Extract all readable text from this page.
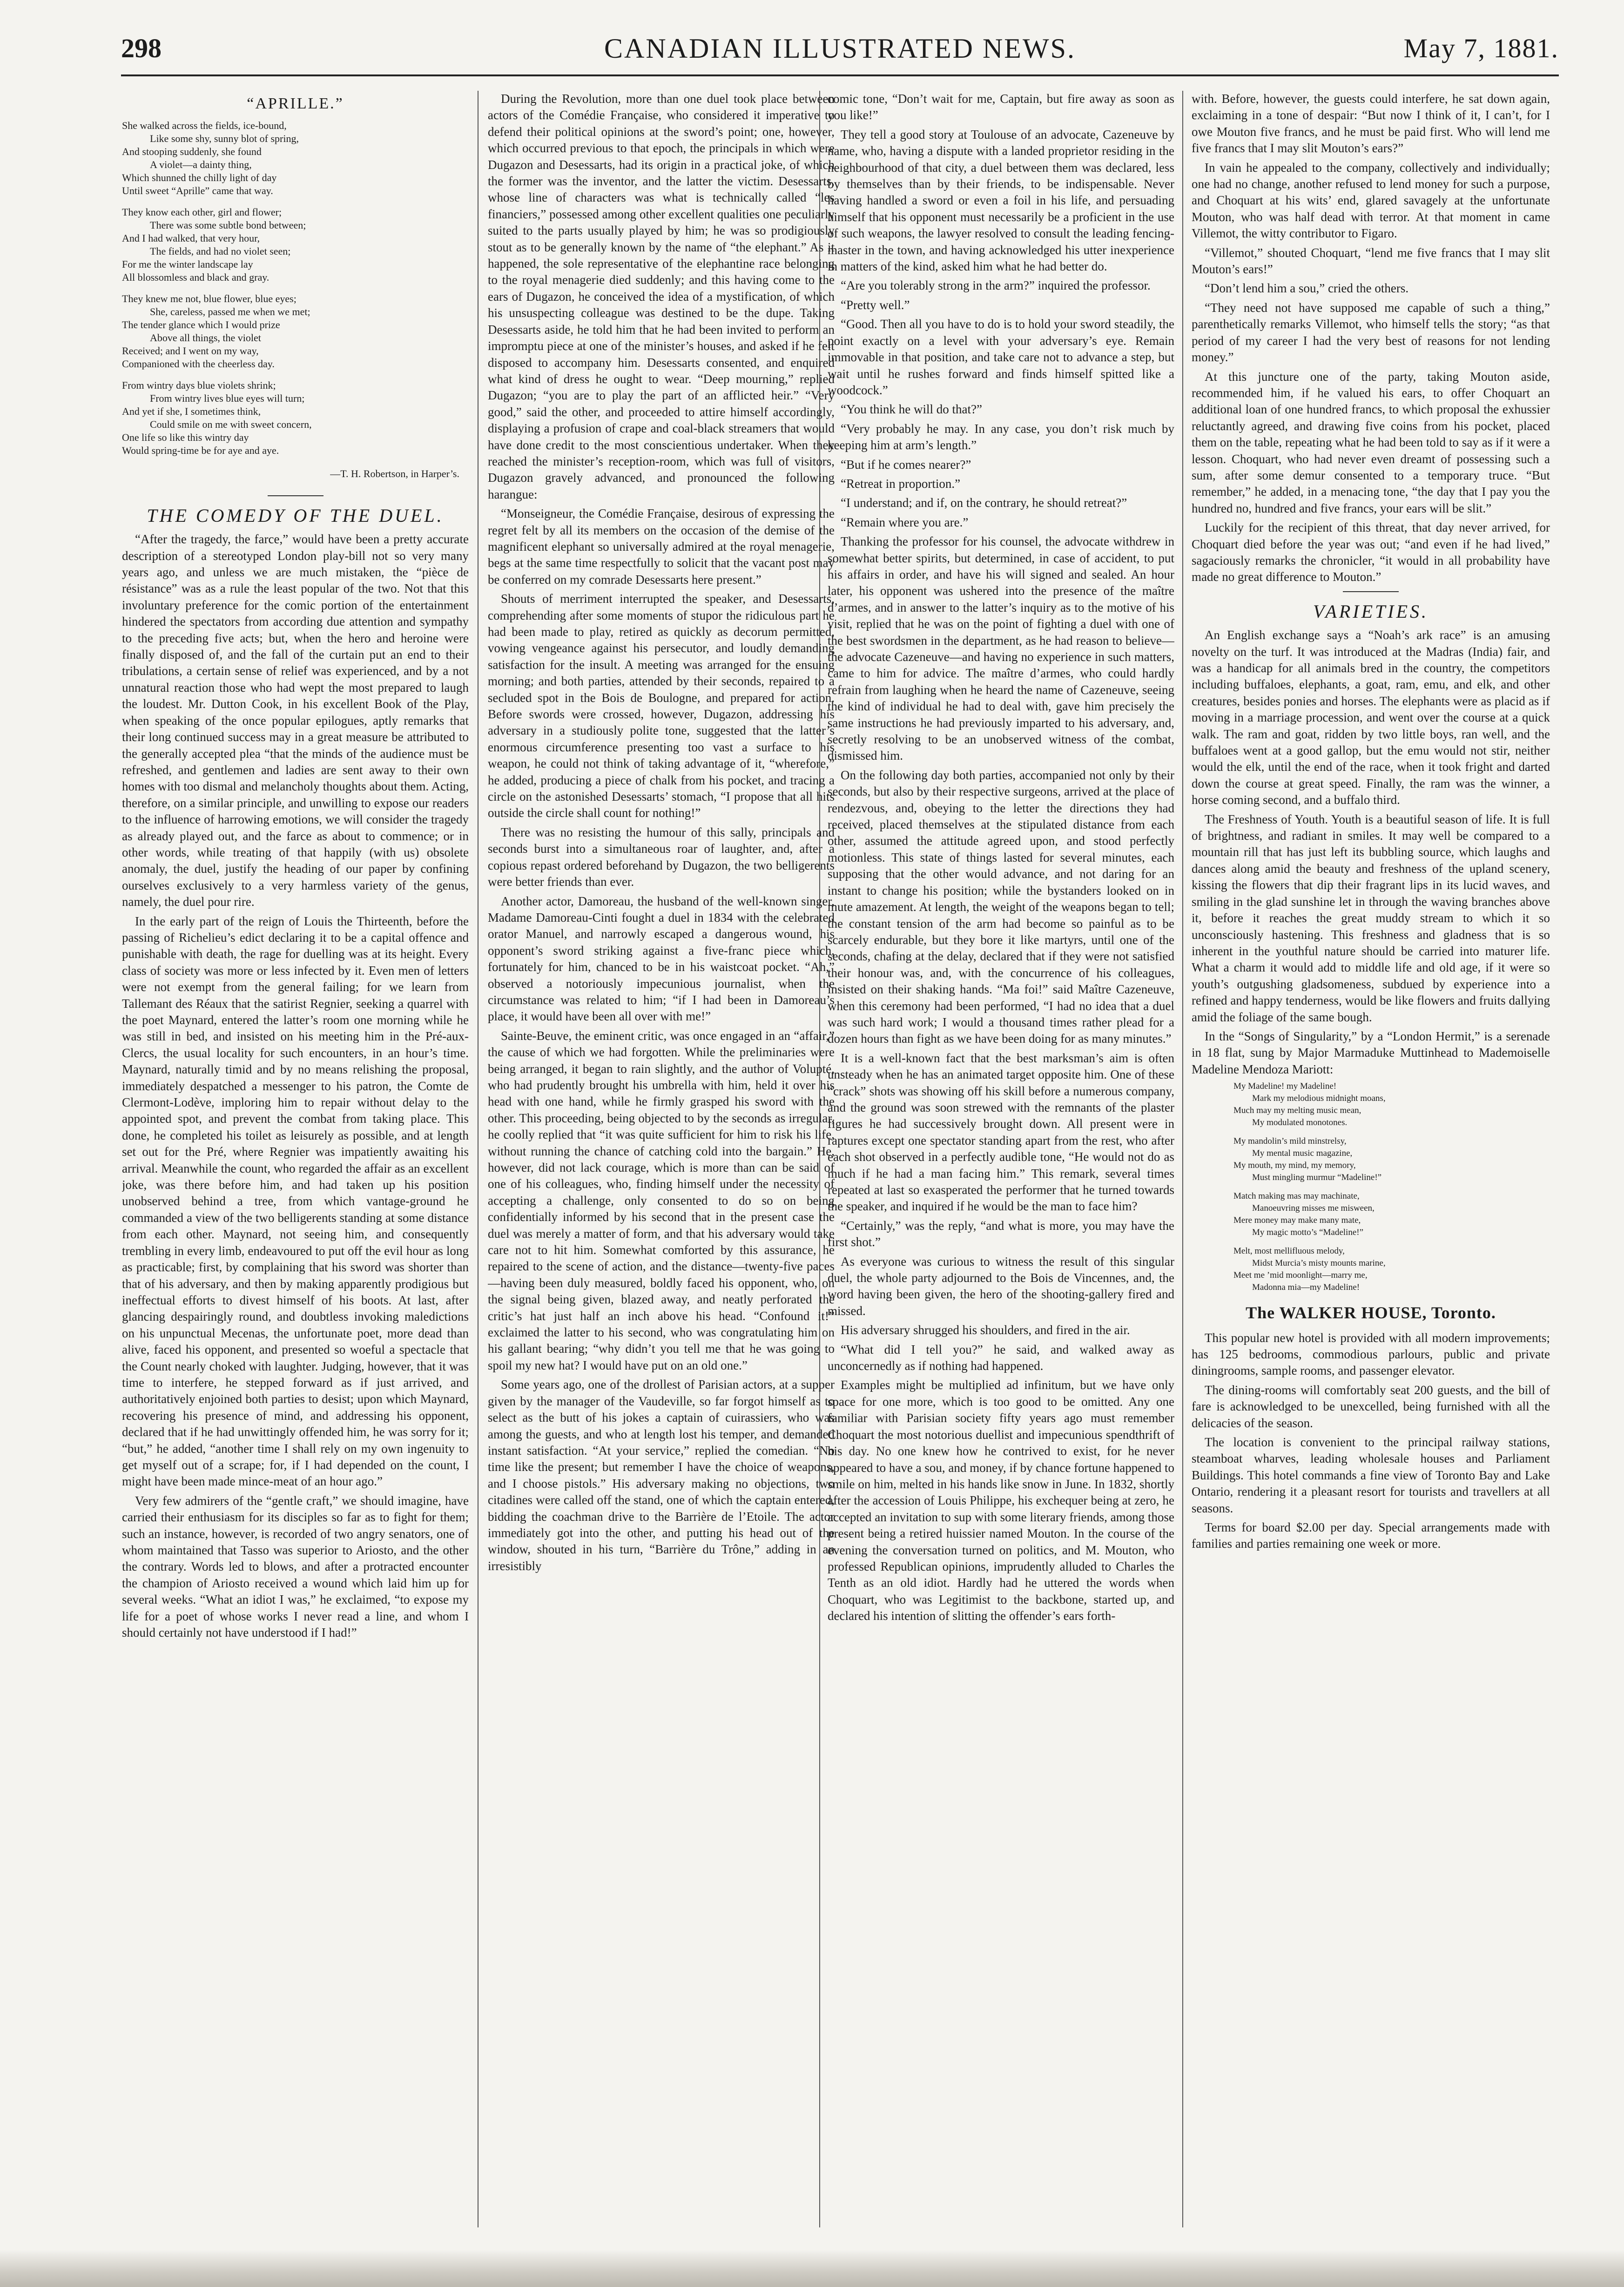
298	CANADIAN ILLUSTRATED NEWS.	May 7, 1881.
“APRILLE.”
She walked across the fields, ice-bound,
Like some shy, sunny blot of spring,
And stooping suddenly, she found
A violet—a dainty thing,
Which shunned the chilly light of day
Until sweet “Aprille” came that way.
They know each other, girl and flower;
There was some subtle bond between;
And I had walked, that very hour,
The fields, and had no violet seen;
For me the winter landscape lay
All blossomless and black and gray.
They knew me not, blue flower, blue eyes;
She, careless, passed me when we met;
The tender glance which I would prize
Above all things, the violet
Received; and I went on my way,
Companioned with the cheerless day.
From wintry days blue violets shrink;
From wintry lives blue eyes will turn;
And yet if she, I sometimes think,
Could smile on me with sweet concern,
One life so like this wintry day
Would spring-time be for aye and aye.
—T. H. Robertson, in Harper’s.
THE COMEDY OF THE DUEL.

“After the tragedy, the farce,” would have been a pretty accurate description of a stereotyped London play-bill not so very many years ago, and unless we are much mistaken, the “pièce de résistance” was as a rule the least popular of the two. Not that this involuntary preference for the comic portion of the entertainment hindered the spectators from according due attention and sympathy to the preceding five acts; but, when the hero and heroine were finally disposed of, and the fall of the curtain put an end to their tribulations, a certain sense of relief was experienced, and by a not unnatural reaction those who had wept the most prepared to laugh the loudest. Mr. Dutton Cook, in his excellent Book of the Play, when speaking of the once popular epilogues, aptly remarks that their long continued success may in a great measure be attributed to the generally accepted plea “that the minds of the audience must be refreshed, and gentlemen and ladies are sent away to their own homes with too dismal and melancholy thoughts about them. Acting, therefore, on a similar principle, and unwilling to expose our readers to the influence of harrowing emotions, we will consider the tragedy as already played out, and the farce as about to commence; or in other words, while treating of that happily (with us) obsolete anomaly, the duel, justify the heading of our paper by confining ourselves exclusively to a very harmless variety of the genus, namely, the duel pour rire.

In the early part of the reign of Louis the Thirteenth, before the passing of Richelieu’s edict declaring it to be a capital offence and punishable with death, the rage for duelling was at its height. Every class of society was more or less infected by it. Even men of letters were not exempt from the general failing; for we learn from Tallemant des Réaux that the satirist Regnier, seeking a quarrel with the poet Maynard, entered the latter’s room one morning while he was still in bed, and insisted on his meeting him in the Pré-aux-Clercs, the usual locality for such encounters, in an hour’s time. Maynard, naturally timid and by no means relishing the proposal, immediately despatched a messenger to his patron, the Comte de Clermont-Lodève, imploring him to repair without delay to the appointed spot, and prevent the combat from taking place. This done, he completed his toilet as leisurely as possible, and at length set out for the Pré, where Regnier was impatiently awaiting his arrival. Meanwhile the count, who regarded the affair as an excellent joke, was there before him, and had taken up his position unobserved behind a tree, from which vantage-ground he commanded a view of the two belligerents standing at some distance from each other. Maynard, not seeing him, and consequently trembling in every limb, endeavoured to put off the evil hour as long as practicable; first, by complaining that his sword was shorter than that of his adversary, and then by making apparently prodigious but ineffectual efforts to divest himself of his boots. At last, after glancing despairingly round, and doubtless invoking maledictions on his unpunctual Mecenas, the unfortunate poet, more dead than alive, faced his opponent, and presented so woeful a spectacle that the Count nearly choked with laughter. Judging, however, that it was time to interfere, he stepped forward as if just arrived, and authoritatively enjoined both parties to desist; upon which Maynard, recovering his presence of mind, and addressing his opponent, declared that if he had unwittingly offended him, he was sorry for it; “but,” he added, “another time I shall rely on my own ingenuity to get myself out of a scrape; for, if I had depended on the count, I might have been made mince-meat of an hour ago.”

Very few admirers of the “gentle craft,” we should imagine, have carried their enthusiasm for its disciples so far as to fight for them; such an instance, however, is recorded of two angry senators, one of whom maintained that Tasso was superior to Ariosto, and the other the contrary. Words led to blows, and after a protracted encounter the champion of Ariosto received a wound which laid him up for several weeks. “What an idiot I was,” he exclaimed, “to expose my life for a poet of whose works I never read a line, and whom I should certainly not have understood if I had!”

During the Revolution, more than one duel took place between actors of the Comédie Française, who considered it imperative to defend their political opinions at the sword’s point; one, however, which occurred previous to that epoch, the principals in which were Dugazon and Desessarts, had its origin in a practical joke, of which the former was the inventor, and the latter the victim. Desessarts, whose line of characters was what is technically called “les financiers,” possessed among other excellent qualities one peculiarly suited to the parts usually played by him; he was so prodigiously stout as to be generally known by the name of “the elephant.” As it happened, the sole representative of the elephantine race belonging to the royal menagerie died suddenly; and this having come to the ears of Dugazon, he conceived the idea of a mystification, of which his unsuspecting colleague was destined to be the dupe. Taking Desessarts aside, he told him that he had been invited to perform an impromptu piece at one of the minister’s houses, and asked if he felt disposed to accompany him. Desessarts consented, and enquired what kind of dress he ought to wear. “Deep mourning,” replied Dugazon; “you are to play the part of an afflicted heir.” “Very good,” said the other, and proceeded to attire himself accordingly, displaying a profusion of crape and coal-black streamers that would have done credit to the most conscientious undertaker. When they reached the minister’s reception-room, which was full of visitors, Dugazon gravely advanced, and pronounced the following harangue:

“Monseigneur, the Comédie Française, desirous of expressing the regret felt by all its members on the occasion of the demise of the magnificent elephant so universally admired at the royal menagerie, begs at the same time respectfully to solicit that the vacant post may be conferred on my comrade Desessarts here present.”

Shouts of merriment interrupted the speaker, and Desessarts, comprehending after some moments of stupor the ridiculous part he had been made to play, retired as quickly as decorum permitted, vowing vengeance against his persecutor, and loudly demanding satisfaction for the insult. A meeting was arranged for the ensuing morning; and both parties, attended by their seconds, repaired to a secluded spot in the Bois de Boulogne, and prepared for action. Before swords were crossed, however, Dugazon, addressing his adversary in a studiously polite tone, suggested that the latter’s enormous circumference presenting too vast a surface to his weapon, he could not think of taking advantage of it, “wherefore,” he added, producing a piece of chalk from his pocket, and tracing a circle on the astonished Desessarts’ stomach, “I propose that all hits outside the circle shall count for nothing!”

There was no resisting the humour of this sally, principals and seconds burst into a simultaneous roar of laughter, and, after a copious repast ordered beforehand by Dugazon, the two belligerents were better friends than ever.

Another actor, Damoreau, the husband of the well-known singer, Madame Damoreau-Cinti fought a duel in 1834 with the celebrated orator Manuel, and narrowly escaped a dangerous wound, his opponent’s sword striking against a five-franc piece which, fortunately for him, chanced to be in his waistcoat pocket. “Ah,” observed a notoriously impecunious journalist, when the circumstance was related to him; “if I had been in Damoreau’s place, it would have been all over with me!”

Sainte-Beuve, the eminent critic, was once engaged in an “affair,” the cause of which we had forgotten. While the preliminaries were being arranged, it began to rain slightly, and the author of Volupté, who had prudently brought his umbrella with him, held it over his head with one hand, while he firmly grasped his sword with the other. This proceeding, being objected to by the seconds as irregular, he coolly replied that “it was quite sufficient for him to risk his life, without running the chance of catching cold into the bargain.” He, however, did not lack courage, which is more than can be said of one of his colleagues, who, finding himself under the necessity of accepting a challenge, only consented to do so on being confidentially informed by his second that in the present case the duel was merely a matter of form, and that his adversary would take care not to hit him. Somewhat comforted by this assurance, he repaired to the scene of action, and the distance—twenty-five paces—having been duly measured, boldly faced his opponent, who, on the signal being given, blazed away, and neatly perforated the critic’s hat just half an inch above his head. “Confound it!” exclaimed the latter to his second, who was congratulating him on his gallant bearing; “why didn’t you tell me that he was going to spoil my new hat? I would have put on an old one.”

Some years ago, one of the drollest of Parisian actors, at a supper given by the manager of the Vaudeville, so far forgot himself as to select as the butt of his jokes a captain of cuirassiers, who was among the guests, and who at length lost his temper, and demanded instant satisfaction. “At your service,” replied the comedian. “No time like the present; but remember I have the choice of weapons, and I choose pistols.” His adversary making no objections, two citadines were called off the stand, one of which the captain entered, bidding the coachman drive to the Barrière de l’Etoile. The actor immediately got into the other, and putting his head out of the window, shouted in his turn, “Barrière du Trône,” adding in an irresistibly

comic tone, “Don’t wait for me, Captain, but fire away as soon as you like!”

They tell a good story at Toulouse of an advocate, Cazeneuve by name, who, having a dispute with a landed proprietor residing in the neighbourhood of that city, a duel between them was declared, less by themselves than by their friends, to be indispensable. Never having handled a sword or even a foil in his life, and persuading himself that his opponent must necessarily be a proficient in the use of such weapons, the lawyer resolved to consult the leading fencing-master in the town, and having acknowledged his utter inexperience in matters of the kind, asked him what he had better do.

“Are you tolerably strong in the arm?” inquired the professor.

“Pretty well.”

“Good. Then all you have to do is to hold your sword steadily, the point exactly on a level with your adversary’s eye. Remain immovable in that position, and take care not to advance a step, but wait until he rushes forward and finds himself spitted like a woodcock.”

“You think he will do that?”

“Very probably he may. In any case, you don’t risk much by keeping him at arm’s length.”

“But if he comes nearer?”

“Retreat in proportion.”

“I understand; and if, on the contrary, he should retreat?”

“Remain where you are.”

Thanking the professor for his counsel, the advocate withdrew in somewhat better spirits, but determined, in case of accident, to put his affairs in order, and have his will signed and sealed. An hour later, his opponent was ushered into the presence of the maître d’armes, and in answer to the latter’s inquiry as to the motive of his visit, replied that he was on the point of fighting a duel with one of the best swordsmen in the department, as he had reason to believe—the advocate Cazeneuve—and having no experience in such matters, came to him for advice. The maître d’armes, who could hardly refrain from laughing when he heard the name of Cazeneuve, seeing the kind of individual he had to deal with, gave him precisely the same instructions he had previously imparted to his adversary, and, secretly resolving to be an unobserved witness of the combat, dismissed him.

On the following day both parties, accompanied not only by their seconds, but also by their respective surgeons, arrived at the place of rendezvous, and, obeying to the letter the directions they had received, placed themselves at the stipulated distance from each other, assumed the attitude agreed upon, and stood perfectly motionless. This state of things lasted for several minutes, each supposing that the other would advance, and not daring for an instant to change his position; while the bystanders looked on in mute amazement. At length, the weight of the weapons began to tell; the constant tension of the arm had become so painful as to be scarcely endurable, but they bore it like martyrs, until one of the seconds, chafing at the delay, declared that if they were not satisfied their honour was, and, with the concurrence of his colleagues, insisted on their shaking hands. “Ma foi!” said Maître Cazeneuve, when this ceremony had been performed, “I had no idea that a duel was such hard work; I would a thousand times rather plead for a dozen hours than fight as we have been doing for as many minutes.”

It is a well-known fact that the best marksman’s aim is often unsteady when he has an animated target opposite him. One of these “crack” shots was showing off his skill before a numerous company, and the ground was soon strewed with the remnants of the plaster figures he had successively brought down. All present were in raptures except one spectator standing apart from the rest, who after each shot observed in a perfectly audible tone, “He would not do as much if he had a man facing him.” This remark, several times repeated at last so exasperated the performer that he turned towards the speaker, and inquired if he would be the man to face him?

“Certainly,” was the reply, “and what is more, you may have the first shot.”

As everyone was curious to witness the result of this singular duel, the whole party adjourned to the Bois de Vincennes, and, the word having been given, the hero of the shooting-gallery fired and missed.

His adversary shrugged his shoulders, and fired in the air.

“What did I tell you?” he said, and walked away as unconcernedly as if nothing had happened.

Examples might be multiplied ad infinitum, but we have only space for one more, which is too good to be omitted. Any one familiar with Parisian society fifty years ago must remember Choquart the most notorious duellist and impecunious spendthrift of his day. No one knew how he contrived to exist, for he never appeared to have a sou, and money, if by chance fortune happened to smile on him, melted in his hands like snow in June. In 1832, shortly after the accession of Louis Philippe, his exchequer being at zero, he accepted an invitation to sup with some literary friends, among those present being a retired huissier named Mouton. In the course of the evening the conversation turned on politics, and M. Mouton, who professed Republican opinions, imprudently alluded to Charles the Tenth as an old idiot. Hardly had he uttered the words when Choquart, who was Legitimist to the backbone, started up, and declared his intention of slitting the offender’s ears forth-

with. Before, however, the guests could interfere, he sat down again, exclaiming in a tone of despair: “But now I think of it, I can’t, for I owe Mouton five francs, and he must be paid first. Who will lend me five francs that I may slit Mouton’s ears?”

In vain he appealed to the company, collectively and individually; one had no change, another refused to lend money for such a purpose, and Choquart at his wits’ end, glared savagely at the unfortunate Mouton, who was half dead with terror. At that moment in came Villemot, the witty contributor to Figaro.

“Villemot,” shouted Choquart, “lend me five francs that I may slit Mouton’s ears!”

“Don’t lend him a sou,” cried the others.

“They need not have supposed me capable of such a thing,” parenthetically remarks Villemot, who himself tells the story; “as that period of my career I had the very best of reasons for not lending money.”

At this juncture one of the party, taking Mouton aside, recommended him, if he valued his ears, to offer Choquart an additional loan of one hundred francs, to which proposal the exhussier reluctantly agreed, and drawing five coins from his pocket, placed them on the table, repeating what he had been told to say as if it were a lesson. Choquart, who had never even dreamt of possessing such a sum, after some demur consented to a temporary truce. “But remember,” he added, in a menacing tone, “the day that I pay you the hundred no, hundred and five francs, your ears will be slit.”

Luckily for the recipient of this threat, that day never arrived, for Choquart died before the year was out; “and even if he had lived,” sagaciously remarks the chronicler, “it would in all probability have made no great difference to Mouton.”

VARIETIES.

An English exchange says a “Noah’s ark race” is an amusing novelty on the turf. It was introduced at the Madras (India) fair, and was a handicap for all animals bred in the country, the competitors including buffaloes, elephants, a goat, ram, emu, and elk, and other creatures, besides ponies and horses. The elephants were as placid as if moving in a marriage procession, and went over the course at a quick walk. The ram and goat, ridden by two little boys, ran well, and the buffaloes went at a good gallop, but the emu would not stir, neither would the elk, until the end of the race, when it took fright and darted down the course at great speed. Finally, the ram was the winner, a horse coming second, and a buffalo third.

The Freshness of Youth. Youth is a beautiful season of life. It is full of brightness, and radiant in smiles. It may well be compared to a mountain rill that has just left its bubbling source, which laughs and dances along amid the beauty and freshness of the upland scenery, kissing the flowers that dip their fragrant lips in its lucid waves, and smiling in the glad sunshine let in through the waving branches above it, before it reaches the great muddy stream to which it so unconsciously hastening. This freshness and gladness that is so inherent in the youthful nature should be carried into maturer life. What a charm it would add to middle life and old age, if it were so youth’s outgushing gladsomeness, subdued by experience into a refined and happy tenderness, would be like flowers and fruits dallying amid the foliage of the same bough.

In the “Songs of Singularity,” by a “London Hermit,” is a serenade in 18 flat, sung by Major Marmaduke Muttinhead to Mademoiselle Madeline Mendoza Mariott:

My Madeline! my Madeline!
Mark my melodious midnight moans,
Much may my melting music mean,
My modulated monotones.
My mandolin’s mild minstrelsy,
My mental music magazine,
My mouth, my mind, my memory,
Must mingling murmur “Madeline!”
Match making mas may machinate,
Manoeuvring misses me misween,
Mere money may make many mate,
My magic motto’s “Madeline!”
Melt, most mellifluous melody,
Midst Murcia’s misty mounts marine,
Meet me ’mid moonlight—marry me,
Madonna mia—my Madeline!
The WALKER HOUSE, Toronto.

This popular new hotel is provided with all modern improvements; has 125 bedrooms, commodious parlours, public and private diningrooms, sample rooms, and passenger elevator.

The dining-rooms will comfortably seat 200 guests, and the bill of fare is acknowledged to be unexcelled, being furnished with all the delicacies of the season.

The location is convenient to the principal railway stations, steamboat wharves, leading wholesale houses and Parliament Buildings. This hotel commands a fine view of Toronto Bay and Lake Ontario, rendering it a pleasant resort for tourists and travellers at all seasons.

Terms for board $2.00 per day. Special arrangements made with families and parties remaining one week or more.
